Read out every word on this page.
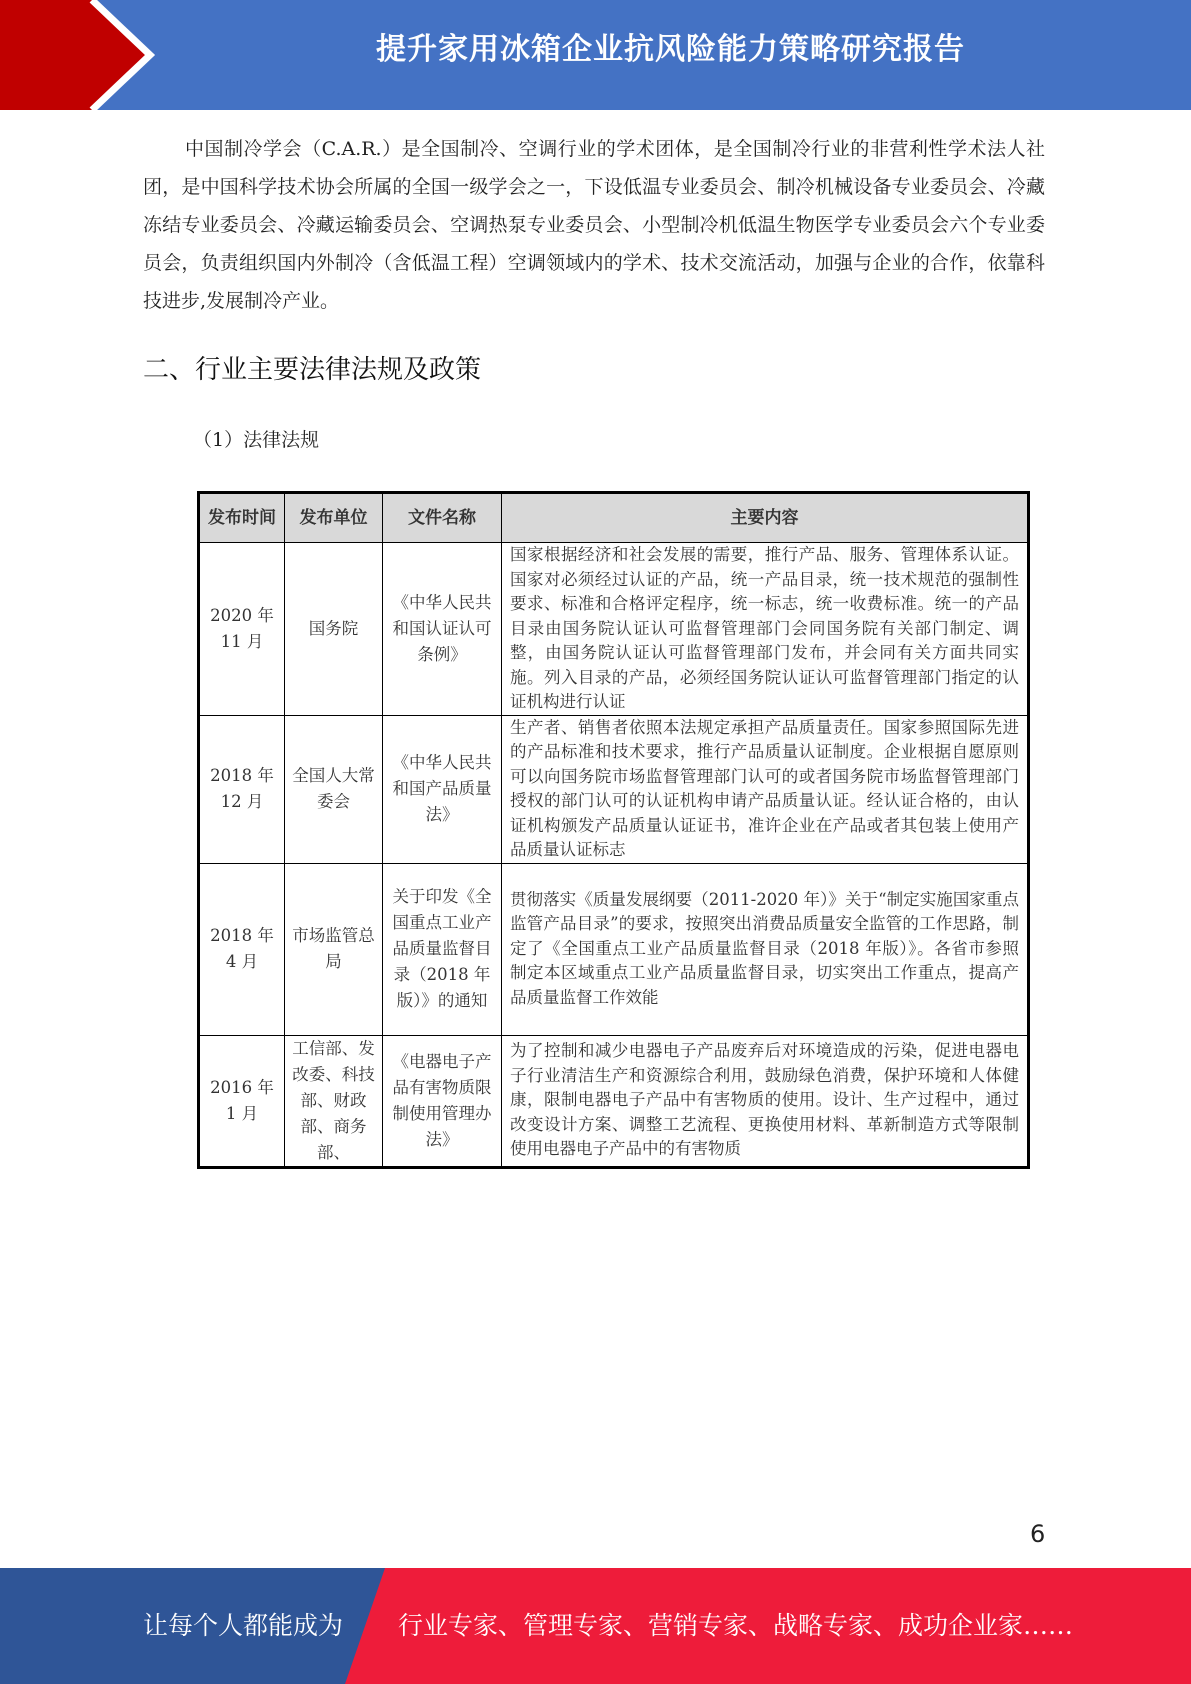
提升家用冰箱企业抗风险能力策略研究报告

中国制冷学会（C.A.R.）是全国制冷、空调行业的学术团体，是全国制冷行业的非营利性学术法人社团，是中国科学技术协会所属的全国一级学会之一，下设低温专业委员会、制冷机械设备专业委员会、冷藏冻结专业委员会、冷藏运输委员会、空调热泵专业委员会、小型制冷机低温生物医学专业委员会六个专业委员会，负责组织国内外制冷（含低温工程）空调领域内的学术、技术交流活动，加强与企业的合作，依靠科技进步,发展制冷产业。

二、行业主要法律法规及政策
（1）法律法规
发布时间	发布单位	文件名称	主要内容
2020 年 11 月	国务院	《中华人民共和国认证认可条例》	国家根据经济和社会发展的需要，推行产品、服务、管理体系认证。国家对必须经过认证的产品，统一产品目录，统一技术规范的强制性要求、标准和合格评定程序，统一标志，统一收费标准。统一的产品目录由国务院认证认可监督管理部门会同国务院有关部门制定、调整，由国务院认证认可监督管理部门发布，并会同有关方面共同实施。列入目录的产品，必须经国务院认证认可监督管理部门指定的认证机构进行认证
2018 年 12 月	全国人大常委会	《中华人民共和国产品质量法》	生产者、销售者依照本法规定承担产品质量责任。国家参照国际先进的产品标准和技术要求，推行产品质量认证制度。企业根据自愿原则可以向国务院市场监督管理部门认可的或者国务院市场监督管理部门授权的部门认可的认证机构申请产品质量认证。经认证合格的，由认证机构颁发产品质量认证证书，准许企业在产品或者其包装上使用产品质量认证标志
2018 年 4 月	市场监管总局	关于印发《全国重点工业产品质量监督目录（2018 年版）》的通知	贯彻落实《质量发展纲要（2011-2020 年）》关于“制定实施国家重点监管产品目录”的要求，按照突出消费品质量安全监管的工作思路，制定了《全国重点工业产品质量监督目录（2018 年版）》。各省市参照制定本区域重点工业产品质量监督目录，切实突出工作重点，提高产品质量监督工作效能
2016 年 1 月	工信部、发改委、科技部、财政部、商务部、	《电器电子产品有害物质限制使用管理办法》	为了控制和减少电器电子产品废弃后对环境造成的污染，促进电器电子行业清洁生产和资源综合利用，鼓励绿色消费，保护环境和人体健康，限制电器电子产品中有害物质的使用。设计、生产过程中，通过改变设计方案、调整工艺流程、更换使用材料、革新制造方式等限制使用电器电子产品中的有害物质
6
让每个人都能成为 行业专家、管理专家、营销专家、战略专家、成功企业家……
